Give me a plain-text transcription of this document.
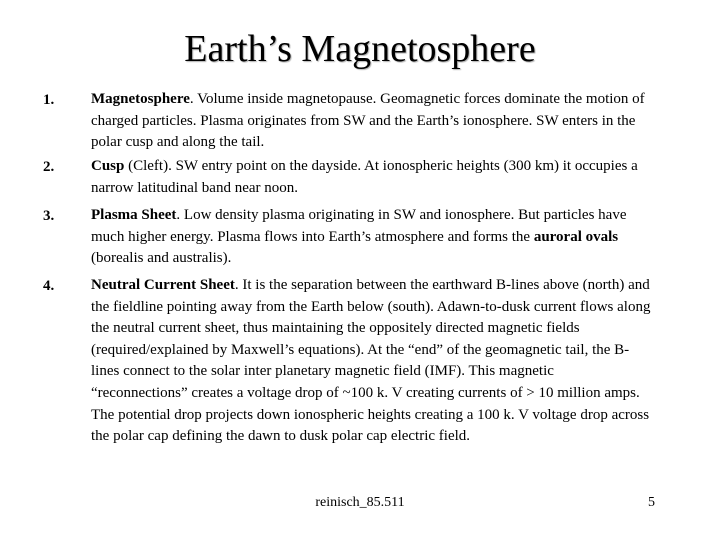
Earth’s Magnetosphere
1.	Magnetosphere. Volume inside magnetopause. Geomagnetic forces dominate the motion of charged particles. Plasma originates from SW and the Earth’s ionosphere. SW enters in the polar cusp and along the tail.
2.	Cusp (Cleft). SW entry point on the dayside. At ionospheric heights (300 km) it occupies a narrow latitudinal band near noon.
3.	Plasma Sheet. Low density plasma originating in SW and ionosphere. But particles have much higher energy. Plasma flows into Earth’s atmosphere and forms the auroral ovals (borealis and australis).
4.	Neutral Current Sheet. It is the separation between the earthward B-lines above (north) and the fieldline pointing away from the Earth below (south). Adawn-to-dusk current flows along the neutral current sheet, thus maintaining the oppositely directed magnetic fields (required/explained by Maxwell’s equations). At the “end” of the geomagnetic tail, the B-lines connect to the solar inter planetary magnetic field (IMF). This magnetic “reconnections” creates a voltage drop of ~100 k. V creating currents of > 10 million amps. The potential drop projects down ionospheric heights creating a 100 k. V voltage drop across the polar cap defining the dawn to dusk polar cap electric field.
reinisch_85.511	5
